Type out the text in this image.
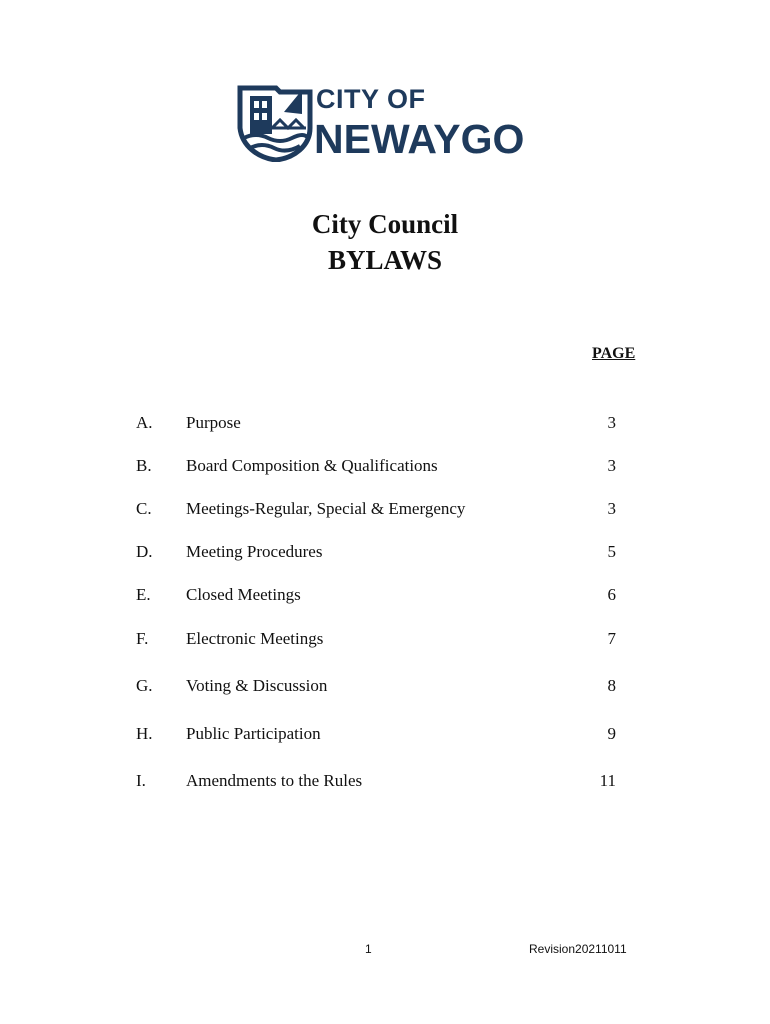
CITY OF
NEWAYGO
City Council
BYLAWS
PAGE
A. Purpose	3
B. Board Composition & Qualifications	3
C. Meetings-Regular, Special & Emergency	3
D. Meeting Procedures	5
E. Closed Meetings	6
F. Electronic Meetings	7
G. Voting & Discussion	8
H. Public Participation	9
I. Amendments to the Rules	11
1	Revision20211011
